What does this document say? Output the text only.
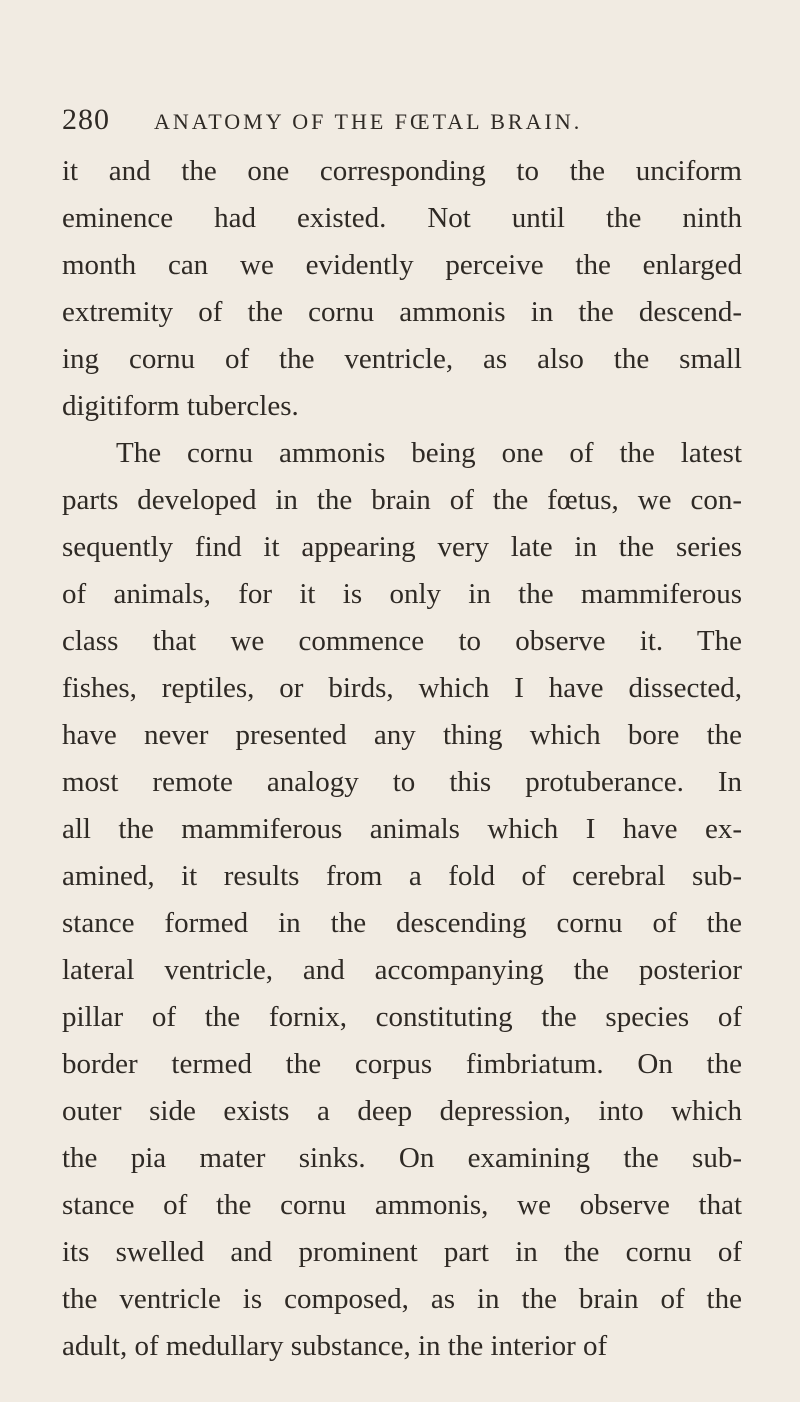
280 ANATOMY OF THE FŒTAL BRAIN.
it and the one corresponding to the unciform
eminence had existed. Not until the ninth
month can we evidently perceive the enlarged
extremity of the cornu ammonis in the descend-
ing cornu of the ventricle, as also the small
digitiform tubercles.
The cornu ammonis being one of the latest
parts developed in the brain of the fœtus, we con-
sequently find it appearing very late in the series
of animals, for it is only in the mammiferous
class that we commence to observe it. The
fishes, reptiles, or birds, which I have dissected,
have never presented any thing which bore the
most remote analogy to this protuberance. In
all the mammiferous animals which I have ex-
amined, it results from a fold of cerebral sub-
stance formed in the descending cornu of the
lateral ventricle, and accompanying the posterior
pillar of the fornix, constituting the species of
border termed the corpus fimbriatum. On the
outer side exists a deep depression, into which
the pia mater sinks. On examining the sub-
stance of the cornu ammonis, we observe that
its swelled and prominent part in the cornu of
the ventricle is composed, as in the brain of the
adult, of medullary substance, in the interior of
